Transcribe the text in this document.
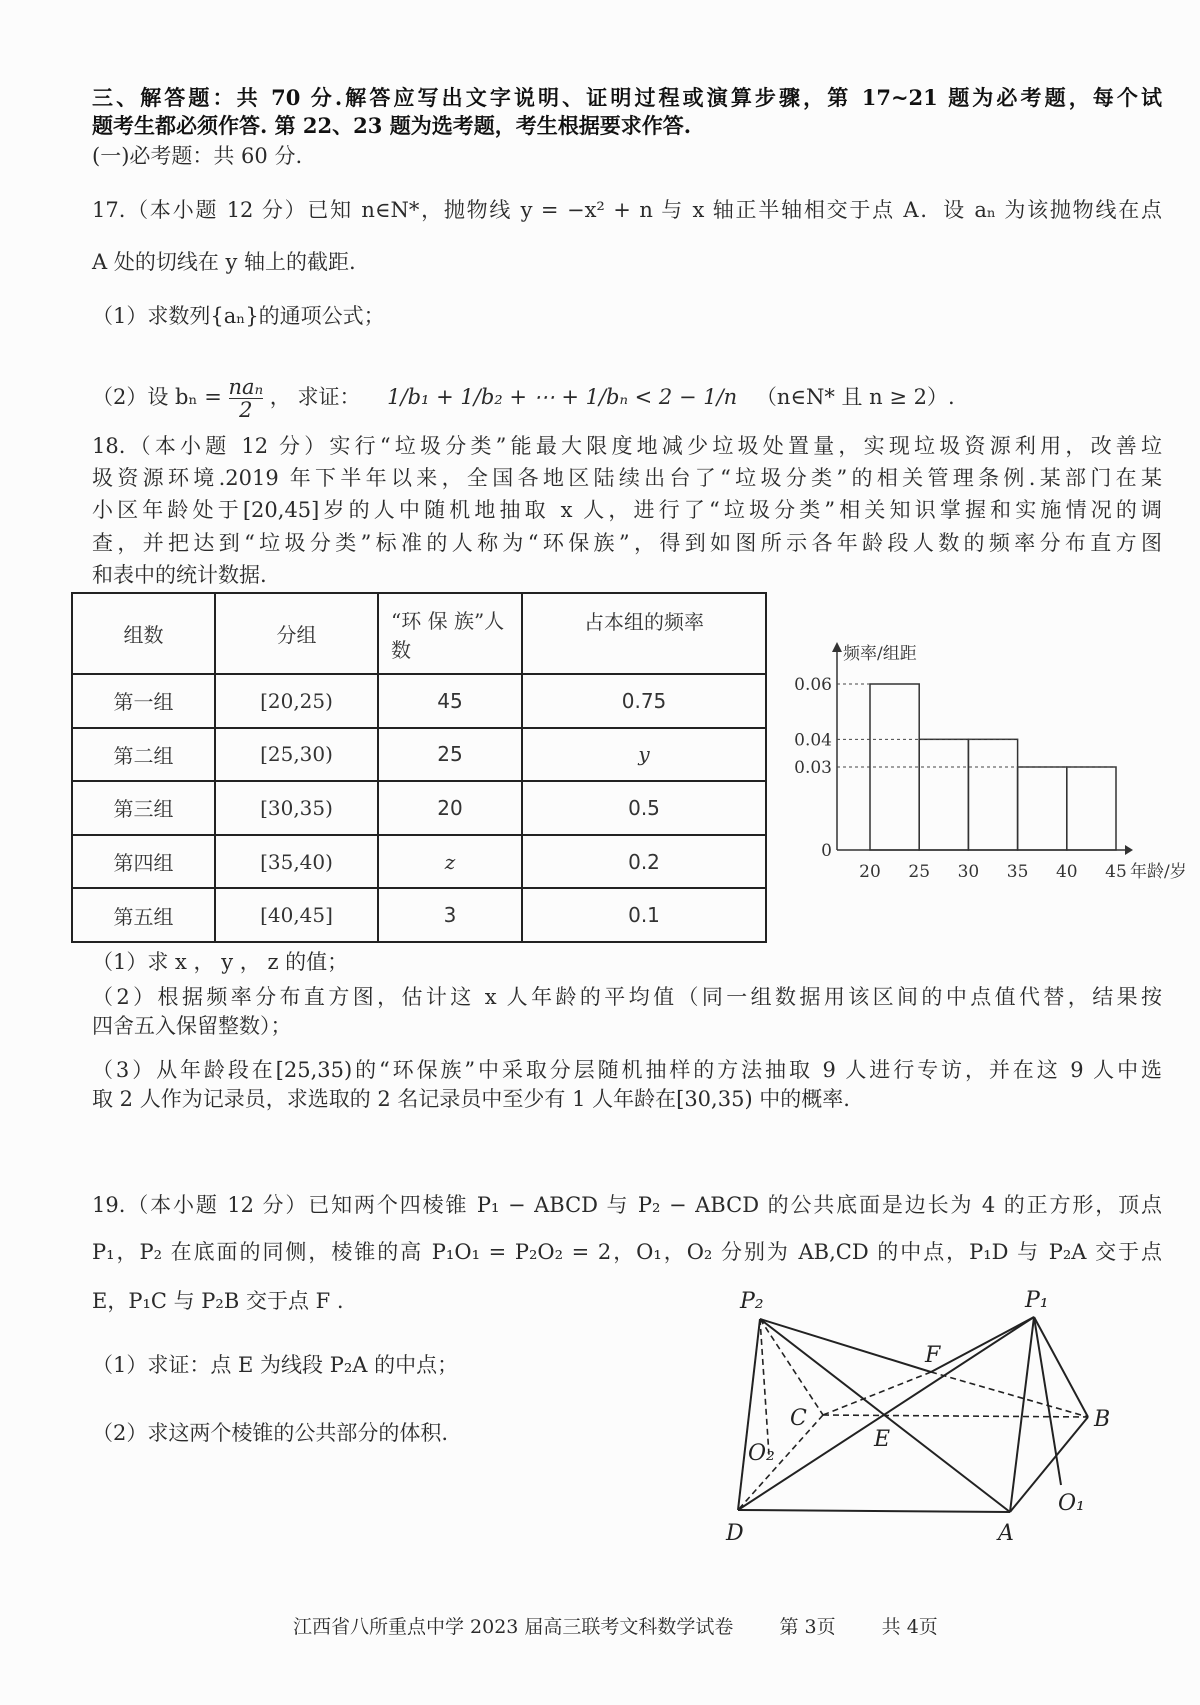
三、解答题：共 70 分.解答应写出文字说明、证明过程或演算步骤，第 17~21 题为必考题，每个试
题考生都必须作答. 第 22、23 题为选考题，考生根据要求作答.
(一)必考题：共 60 分.
17.（本小题 12 分）已知 n∈N*，抛物线 y = −x² + n 与 x 轴正半轴相交于点 A．设 aₙ 为该抛物线在点
A 处的切线在 y 轴上的截距.
（1）求数列{aₙ}的通项公式；
（2）设 bₙ = naₙ
2
， 求证： 1/b₁ + 1/b₂ + ⋯ + 1/bₙ < 2 − 1/n （n∈N* 且 n ≥ 2）.
18.（本小题 12 分）实行“垃圾分类”能最大限度地减少垃圾处置量，实现垃圾资源利用，改善垃
圾资源环境.2019 年下半年以来，全国各地区陆续出台了“垃圾分类”的相关管理条例.某部门在某
小区年龄处于[20,45]岁的人中随机地抽取 x 人，进行了“垃圾分类”相关知识掌握和实施情况的调
查，并把达到“垃圾分类”标准的人称为“环保族”，得到如图所示各年龄段人数的频率分布直方图
和表中的统计数据.
组数	分组	“环 保 族”人数	占本组的频率
第一组	[20,25)	45	0.75
第二组	[25,30)	25	y
第三组	[30,35)	20	0.5
第四组	[35,40)	z	0.2
第五组	[40,45]	3	0.1
频率/组距
年龄/岁
0
0.03
0.04
0.06
20 25 30 35 40 45
（1）求 x ， y ， z 的值；
（2）根据频率分布直方图，估计这 x 人年龄的平均值（同一组数据用该区间的中点值代替，结果按
四舍五入保留整数）；
（3）从年龄段在[25,35)的“环保族”中采取分层随机抽样的方法抽取 9 人进行专访，并在这 9 人中选
取 2 人作为记录员，求选取的 2 名记录员中至少有 1 人年龄在[30,35) 中的概率.
19.（本小题 12 分）已知两个四棱锥 P₁ − ABCD 与 P₂ − ABCD 的公共底面是边长为 4 的正方形，顶点
P₁，P₂ 在底面的同侧，棱锥的高 P₁O₁ = P₂O₂ = 2，O₁，O₂ 分别为 AB,CD 的中点，P₁D 与 P₂A 交于点
E，P₁C 与 P₂B 交于点 F .
（1）求证：点 E 为线段 P₂A 的中点；
（2）求这两个棱锥的公共部分的体积.
P₂	P₁
F
C	B
E
O₂
O₁
D	A
江西省八所重点中学 2023 届高三联考文科数学试卷 第 3页 共 4页
